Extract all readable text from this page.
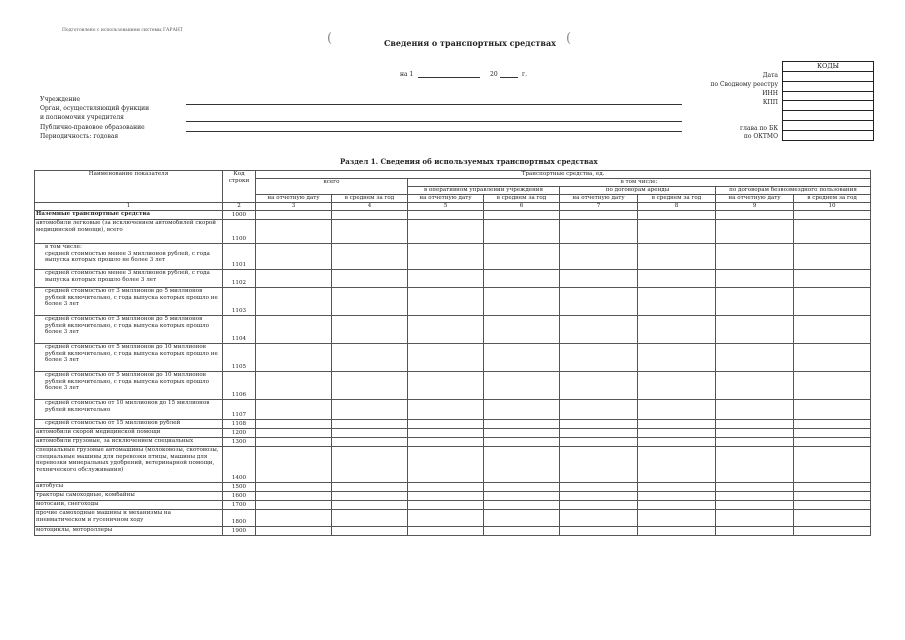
Подготовлено с использованием системы ГАРАНТ
(	Сведения о транспортных средствах (
на 1	20	г.
КОДЫ
Дата
по Сводному реестру
ИНН
КПП
глава по БК
по ОКТМО
Учреждение
Орган, осуществляющий функции
и полномочия учредителя
Публично-правовое образование
Периодичность: годовая
Раздел 1. Сведения об используемых транспортных средствах
Наименование показателя	Код строки	Транспортные средства, ед.							
		всего		в том числе:					
				в оперативном управлении учреждения		по договорам аренды		по договорам безвозмездного пользования	
		на отчетную дату	в среднем за год	на отчетную дату	в среднем за год	на отчетную дату	в среднем за год	на отчетную дату	в среднем за год
1	2	3	4	5	6	7	8	9	10
Наземные транспортные средства	1000								
автомобили легковые (за исключением автомобилей скорой медицинской помощи), всего	1100								
в том числе:
средней стоимостью менее 3 миллионов рублей, с года выпуска которых прошло не более 3 лет	1101								
средней стоимостью менее 3 миллионов рублей, с года выпуска которых прошло более 3 лет	1102								
средней стоимостью от 3 миллионов до 5 миллионов рублей включительно, с года выпуска которых прошло не более 3 лет	1103								
средней стоимостью от 3 миллионов до 5 миллионов рублей включительно, с года выпуска которых прошло более 3 лет	1104								
средней стоимостью от 5 миллионов до 10 миллионов рублей включительно, с года выпуска которых прошло не более 3 лет	1105								
средней стоимостью от 5 миллионов до 10 миллионов рублей включительно, с года выпуска которых прошло более 3 лет	1106								
средней стоимостью от 10 миллионов до 15 миллионов рублей включительно	1107								
средней стоимостью от 15 миллионов рублей	1108								
автомобили скорой медицинской помощи	1200								
автомобили грузовые, за исключением специальных	1300								
специальные грузовые автомашины (молоковозы, скотовозы, специальные машины для перевозки птицы, машины для перевозки минеральных удобрений, ветеринарной помощи, технического обслуживания)	1400								
автобусы	1500								
тракторы самоходные, комбайны	1600								
мотосани, снегоходы	1700								
прочие самоходные машины и механизмы на пневматическом и гусеничном ходу	1800								
мотоциклы, мотороллеры	1900								
